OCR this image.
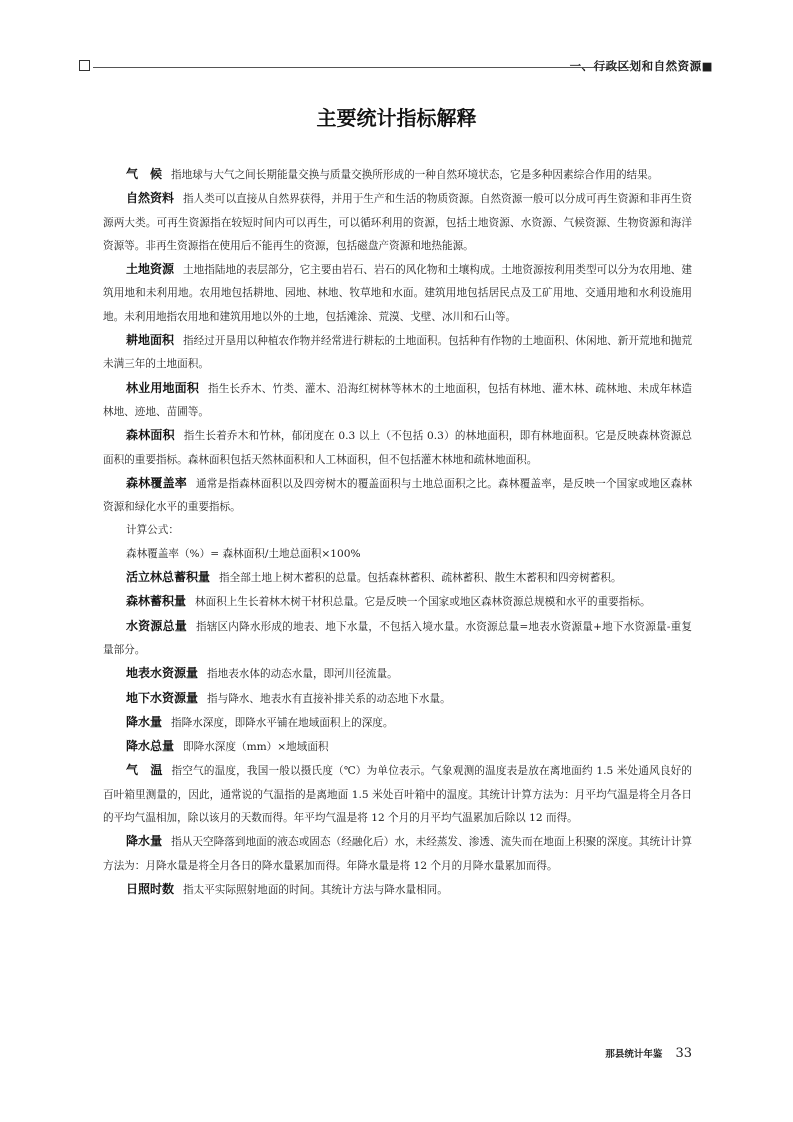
一、行政区划和自然资源■
主要统计指标解释

气　候 指地球与大气之间长期能量交换与质量交换所形成的一种自然环境状态，它是多种因素综合作用的结果。

自然资料 指人类可以直接从自然界获得，并用于生产和生活的物质资源。自然资源一般可以分成可再生资源和非再生资源两大类。可再生资源指在较短时间内可以再生，可以循环利用的资源，包括土地资源、水资源、气候资源、生物资源和海洋资源等。非再生资源指在使用后不能再生的资源，包括磁盘产资源和地热能源。

土地资源 土地指陆地的表层部分，它主要由岩石、岩石的风化物和土壤构成。土地资源按利用类型可以分为农用地、建筑用地和未利用地。农用地包括耕地、园地、林地、牧草地和水面。建筑用地包括居民点及工矿用地、交通用地和水利设施用地。未利用地指农用地和建筑用地以外的土地，包括滩涂、荒漠、戈壁、冰川和石山等。

耕地面积 指经过开垦用以种植农作物并经常进行耕耘的土地面积。包括种有作物的土地面积、休闲地、新开荒地和抛荒未满三年的土地面积。

林业用地面积 指生长乔木、竹类、灌木、沿海红树林等林木的土地面积，包括有林地、灌木林、疏林地、未成年林造林地、迹地、苗圃等。

森林面积 指生长着乔木和竹林，郁闭度在 0.3 以上（不包括 0.3）的林地面积，即有林地面积。它是反映森林资源总面积的重要指标。森林面积包括天然林面积和人工林面积，但不包括灌木林地和疏林地面积。

森林覆盖率 通常是指森林面积以及四旁树木的覆盖面积与土地总面积之比。森林覆盖率，是反映一个国家或地区森林资源和绿化水平的重要指标。

计算公式：

森林覆盖率（%）= 森林面积/土地总面积×100%

活立林总蓄积量 指全部土地上树木蓄积的总量。包括森林蓄积、疏林蓄积、散生木蓄积和四旁树蓄积。

森林蓄积量 林面积上生长着林木树干材积总量。它是反映一个国家或地区森林资源总规模和水平的重要指标。

水资源总量 指辖区内降水形成的地表、地下水量，不包括入境水量。水资源总量=地表水资源量+地下水资源量-重复量部分。

地表水资源量 指地表水体的动态水量，即河川径流量。

地下水资源量 指与降水、地表水有直接补排关系的动态地下水量。

降水量 指降水深度，即降水平铺在地域面积上的深度。

降水总量 即降水深度（mm）×地域面积

气　温 指空气的温度，我国一般以摄氏度（℃）为单位表示。气象观测的温度表是放在离地面约 1.5 米处通风良好的百叶箱里测量的，因此，通常说的气温指的是离地面 1.5 米处百叶箱中的温度。其统计计算方法为：月平均气温是将全月各日的平均气温相加，除以该月的天数而得。年平均气温是将 12 个月的月平均气温累加后除以 12 而得。

降水量 指从天空降落到地面的液态或固态（经融化后）水，未经蒸发、渗透、流失而在地面上积聚的深度。其统计计算方法为：月降水量是将全月各日的降水量累加而得。年降水量是将 12 个月的月降水量累加而得。

日照时数 指太平实际照射地面的时间。其统计方法与降水量相同。

那县统计年鉴 33
